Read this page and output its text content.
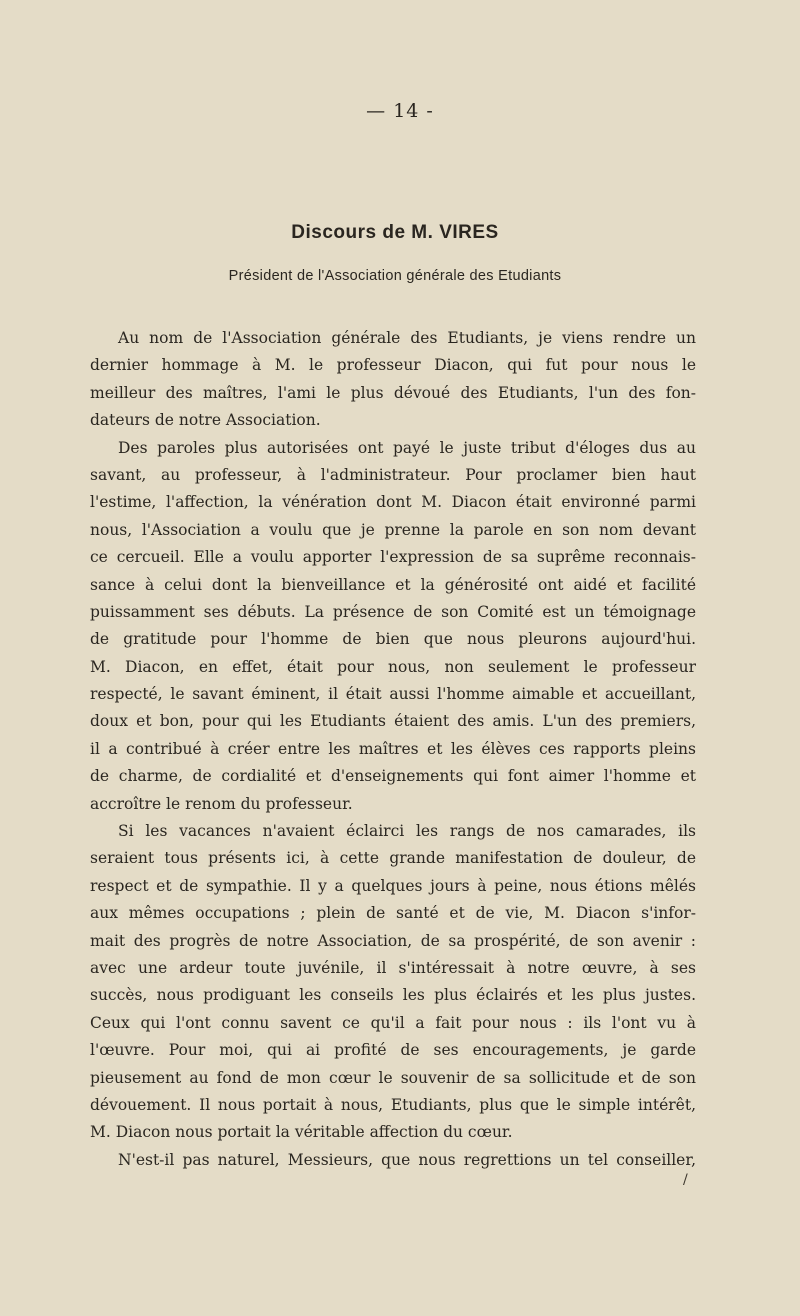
— 14 -
Discours de M. VIRES
Président de l'Association générale des Etudiants
Au nom de l'Association générale des Etudiants, je viens rendre un
dernier hommage à M. le professeur Diacon, qui fut pour nous le
meilleur des maîtres, l'ami le plus dévoué des Etudiants, l'un des fon-
dateurs de notre Association.
Des paroles plus autorisées ont payé le juste tribut d'éloges dus au
savant, au professeur, à l'administrateur. Pour proclamer bien haut
l'estime, l'affection, la vénération dont M. Diacon était environné parmi
nous, l'Association a voulu que je prenne la parole en son nom devant
ce cercueil. Elle a voulu apporter l'expression de sa suprême reconnais-
sance à celui dont la bienveillance et la générosité ont aidé et facilité
puissamment ses débuts. La présence de son Comité est un témoignage
de gratitude pour l'homme de bien que nous pleurons aujourd'hui.
M. Diacon, en effet, était pour nous, non seulement le professeur
respecté, le savant éminent, il était aussi l'homme aimable et accueillant,
doux et bon, pour qui les Etudiants étaient des amis. L'un des premiers,
il a contribué à créer entre les maîtres et les élèves ces rapports pleins
de charme, de cordialité et d'enseignements qui font aimer l'homme et
accroître le renom du professeur.
Si les vacances n'avaient éclairci les rangs de nos camarades, ils
seraient tous présents ici, à cette grande manifestation de douleur, de
respect et de sympathie. Il y a quelques jours à peine, nous étions mêlés
aux mêmes occupations ; plein de santé et de vie, M. Diacon s'infor-
mait des progrès de notre Association, de sa prospérité, de son avenir :
avec une ardeur toute juvénile, il s'intéressait à notre œuvre, à ses
succès, nous prodiguant les conseils les plus éclairés et les plus justes.
Ceux qui l'ont connu savent ce qu'il a fait pour nous : ils l'ont vu à
l'œuvre. Pour moi, qui ai profité de ses encouragements, je garde
pieusement au fond de mon cœur le souvenir de sa sollicitude et de son
dévouement. Il nous portait à nous, Etudiants, plus que le simple intérêt,
M. Diacon nous portait la véritable affection du cœur.
N'est-il pas naturel, Messieurs, que nous regrettions un tel conseiller,
/
